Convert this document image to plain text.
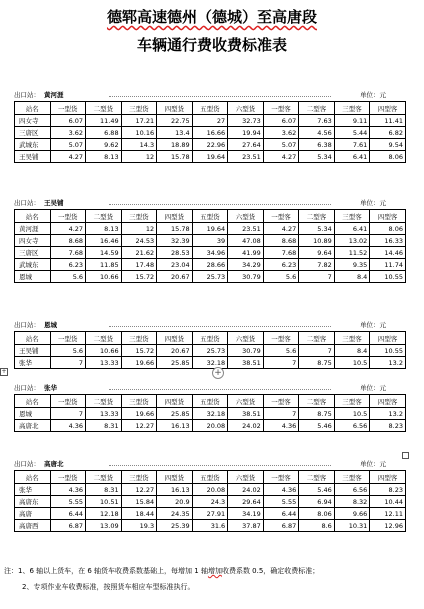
德郓高速德州（德城）至高唐段
车辆通行费收费标准表
出口站： 黄河涯	单位：元
站名	一型货	二型货	三型货	四型货	五型货	六型货	一型客	二型客	三型客	四型客
四女寺	6.07	11.49	17.21	22.75	27	32.73	6.07	7.63	9.11	11.41
三唐区	3.62	6.88	10.16	13.4	16.66	19.94	3.62	4.56	5.44	6.82
武城东	5.07	9.62	14.3	18.89	22.96	27.64	5.07	6.38	7.61	9.54
王吴铺	4.27	8.13	12	15.78	19.64	23.51	4.27	5.34	6.41	8.06
出口站： 王吴铺	单位：元
站名	一型货	二型货	三型货	四型货	五型货	六型货	一型客	二型客	三型客	四型客
黄河涯	4.27	8.13	12	15.78	19.64	23.51	4.27	5.34	6.41	8.06
四女寺	8.68	16.46	24.53	32.39	39	47.08	8.68	10.89	13.02	16.33
三唐区	7.68	14.59	21.62	28.53	34.96	41.99	7.68	9.64	11.52	14.46
武城东	6.23	11.85	17.48	23.04	28.66	34.29	6.23	7.82	9.35	11.74
恩城	5.6	10.66	15.72	20.67	25.73	30.79	5.6	7	8.4	10.55
出口站： 恩城	单位：元
站名	一型货	二型货	三型货	四型货	五型货	六型货	一型客	二型客	三型客	四型客
王吴铺	5.6	10.66	15.72	20.67	25.73	30.79	5.6	7	8.4	10.55
张华	7	13.33	19.66	25.85	32.18	38.51	7	8.75	10.5	13.2
出口站： 张华	单位：元
站名	一型货	二型货	三型货	四型货	五型货	六型货	一型客	二型客	三型客	四型客
恩城	7	13.33	19.66	25.85	32.18	38.51	7	8.75	10.5	13.2
高唐北	4.36	8.31	12.27	16.13	20.08	24.02	4.36	5.46	6.56	8.23
出口站： 高唐北	单位：元
站名	一型货	二型货	三型货	四型货	五型货	六型货	一型客	二型客	三型客	四型客
张华	4.36	8.31	12.27	16.13	20.08	24.02	4.36	5.46	6.56	8.23
高唐东	5.55	10.51	15.84	20.9	24.3	29.64	5.55	6.94	8.32	10.44
高唐	6.44	12.18	18.44	24.35	27.91	34.19	6.44	8.06	9.66	12.11
高唐西	6.87	13.09	19.3	25.39	31.6	37.87	6.87	8.6	10.31	12.96
+	+
注：1、6 轴以上货车，在 6 轴货车收费系数基础上，每增加 1 轴增加收费系数 0.5，确定收费标准；
2、专项作业车收费标准，按照货车相应车型标准执行。
